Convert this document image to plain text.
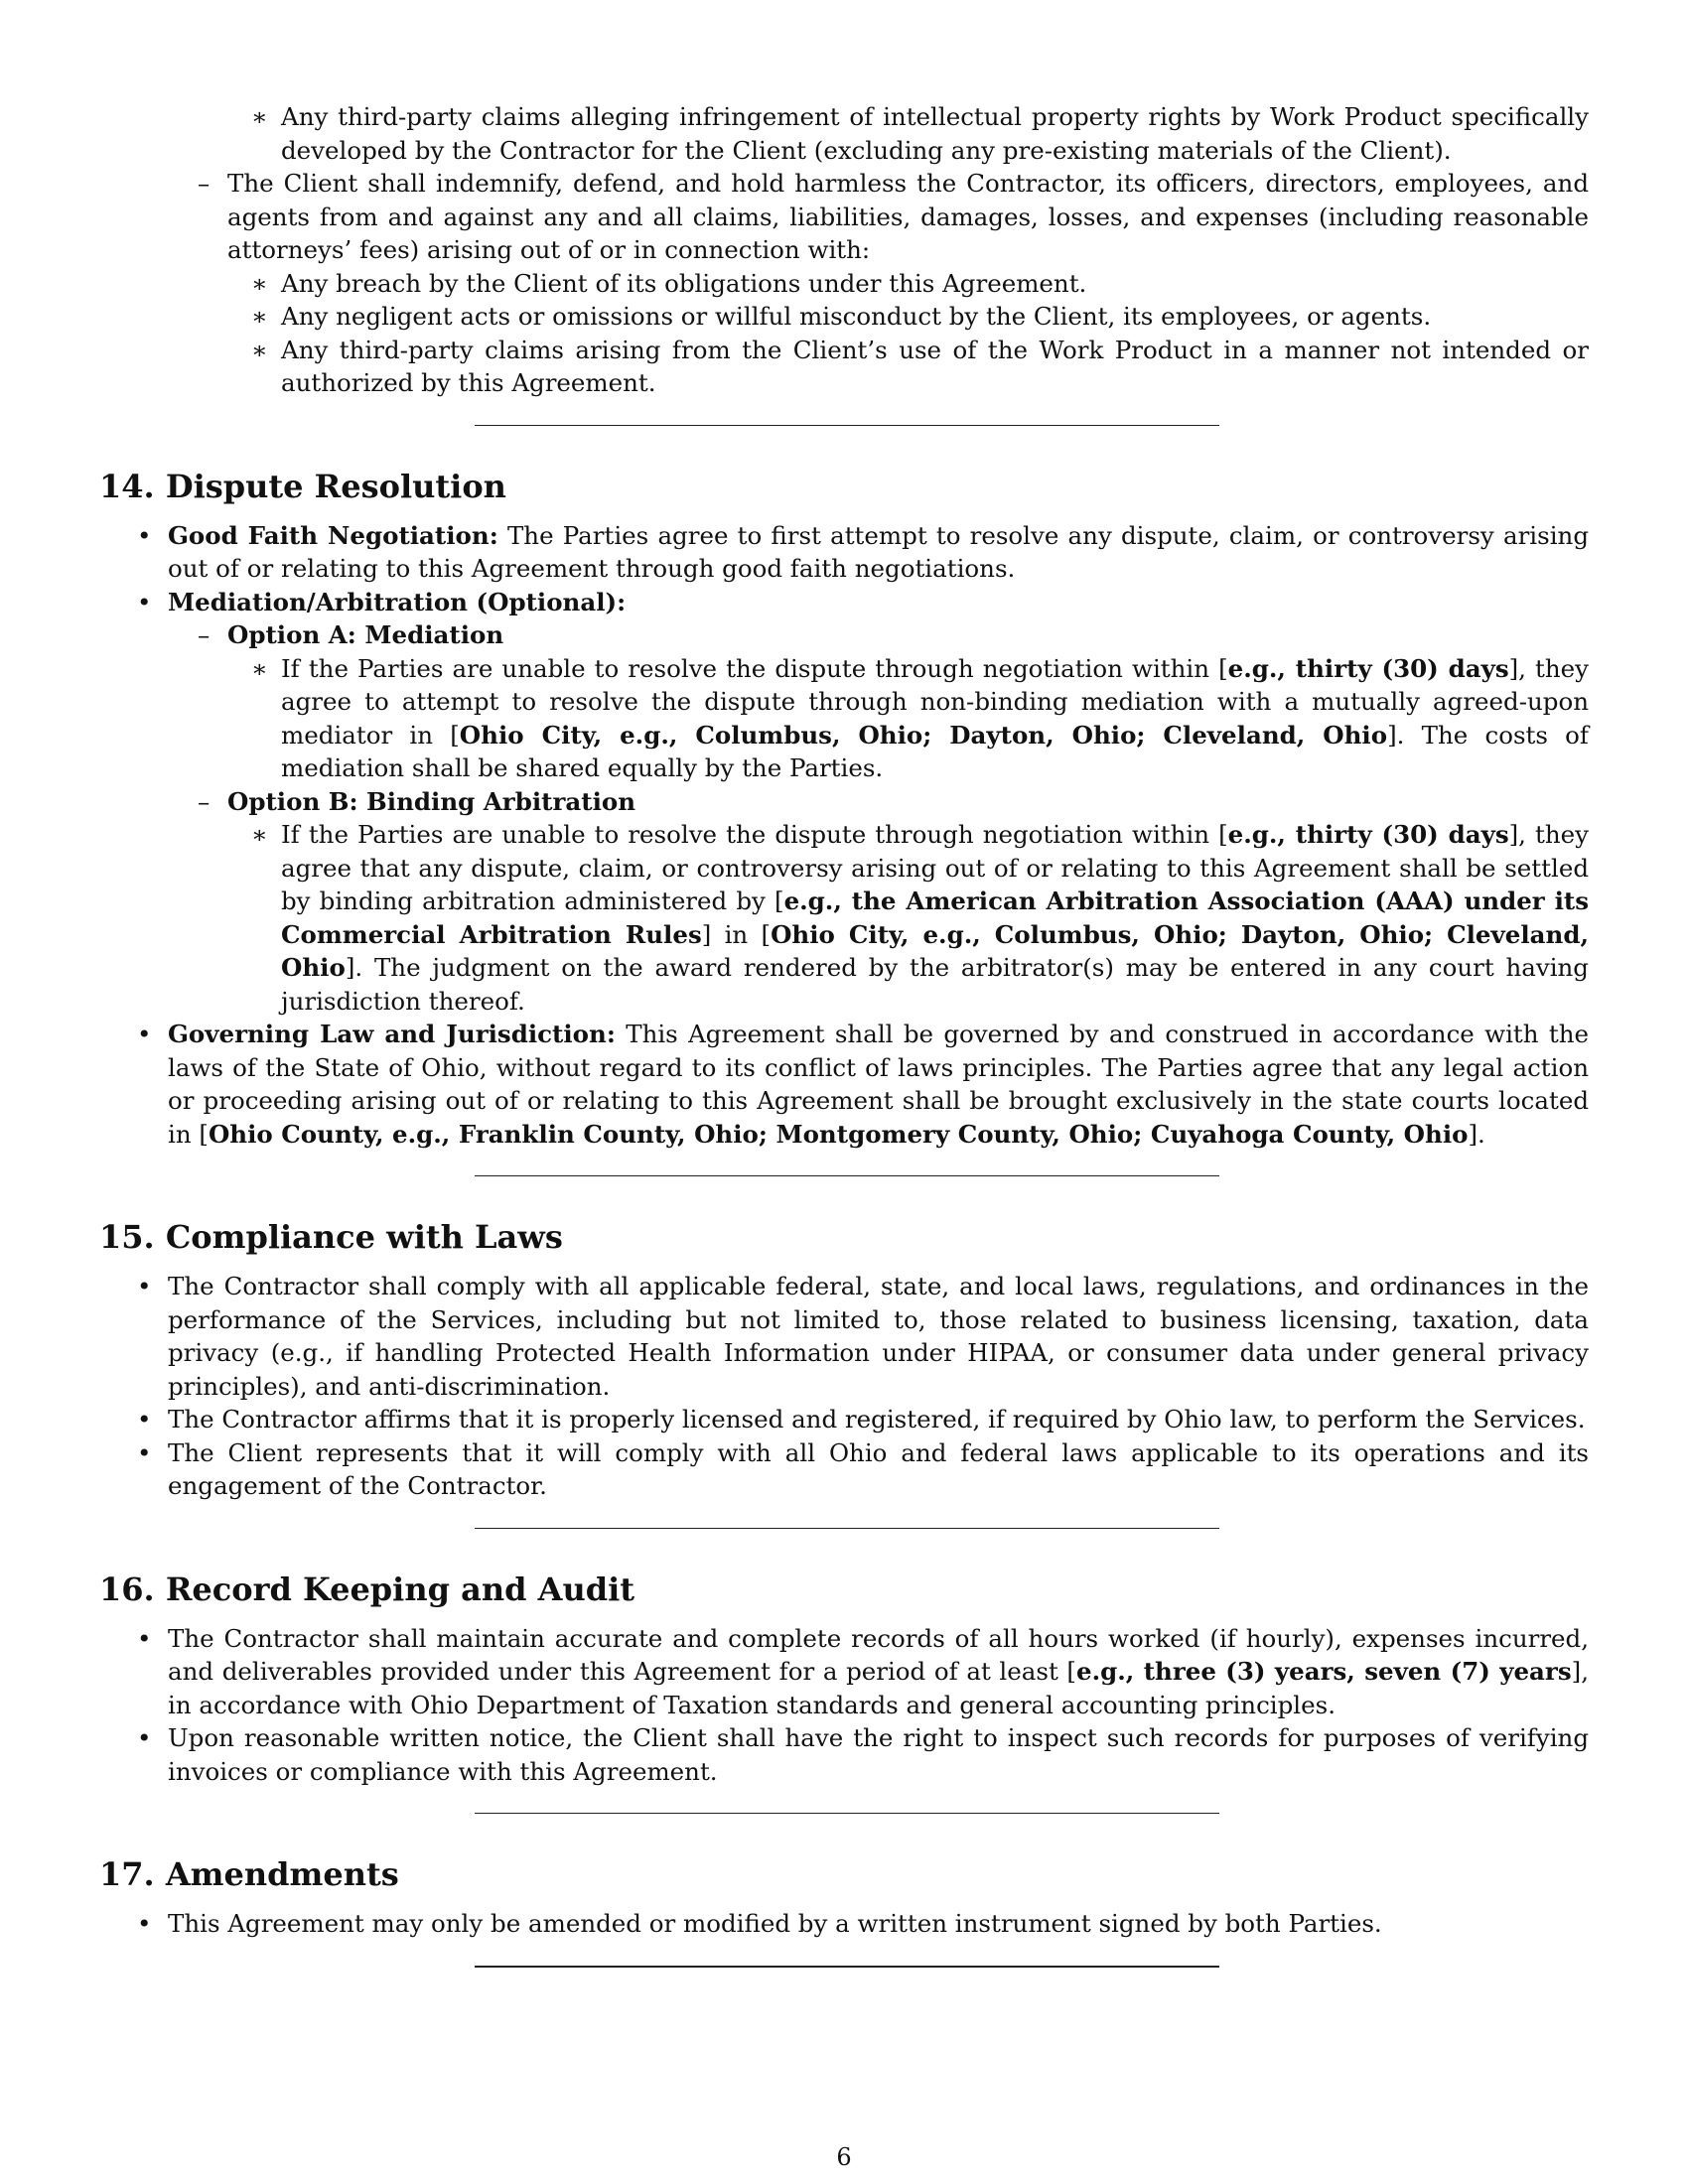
∗ Any third-party claims alleging infringement of intellectual property rights by Work Product specifically developed by the Contractor for the Client (excluding any pre-existing materials of the Client).

– The Client shall indemnify, defend, and hold harmless the Contractor, its officers, directors, employees, and agents from and against any and all claims, liabilities, damages, losses, and expenses (including reasonable attorneys’ fees) arising out of or in connection with:

∗ Any breach by the Client of its obligations under this Agreement.

∗ Any negligent acts or omissions or willful misconduct by the Client, its employees, or agents.

∗ Any third-party claims arising from the Client’s use of the Work Product in a manner not intended or authorized by this Agreement.

14. Dispute Resolution

• Good Faith Negotiation: The Parties agree to first attempt to resolve any dispute, claim, or controversy arising out of or relating to this Agreement through good faith negotiations.

• Mediation/Arbitration (Optional):

– Option A: Mediation

∗ If the Parties are unable to resolve the dispute through negotiation within [e.g., thirty (30) days], they agree to attempt to resolve the dispute through non-binding mediation with a mutually agreed-upon mediator in [Ohio City, e.g., Columbus, Ohio; Dayton, Ohio; Cleveland, Ohio]. The costs of mediation shall be shared equally by the Parties.

– Option B: Binding Arbitration

∗ If the Parties are unable to resolve the dispute through negotiation within [e.g., thirty (30) days], they agree that any dispute, claim, or controversy arising out of or relating to this Agreement shall be settled by binding arbitration administered by [e.g., the American Arbitration Association (AAA) under its Commercial Arbitration Rules] in [Ohio City, e.g., Columbus, Ohio; Dayton, Ohio; Cleveland, Ohio]. The judgment on the award rendered by the arbitrator(s) may be entered in any court having jurisdiction thereof.

• Governing Law and Jurisdiction: This Agreement shall be governed by and construed in accordance with the laws of the State of Ohio, without regard to its conflict of laws principles. The Parties agree that any legal action or proceeding arising out of or relating to this Agreement shall be brought exclusively in the state courts located in [Ohio County, e.g., Franklin County, Ohio; Montgomery County, Ohio; Cuyahoga County, Ohio].

15. Compliance with Laws

• The Contractor shall comply with all applicable federal, state, and local laws, regulations, and ordinances in the performance of the Services, including but not limited to, those related to business licensing, taxation, data privacy (e.g., if handling Protected Health Information under HIPAA, or consumer data under general privacy principles), and anti-discrimination.

• The Contractor affirms that it is properly licensed and registered, if required by Ohio law, to perform the Services.

• The Client represents that it will comply with all Ohio and federal laws applicable to its operations and its engagement of the Contractor.

16. Record Keeping and Audit

• The Contractor shall maintain accurate and complete records of all hours worked (if hourly), expenses incurred, and deliverables provided under this Agreement for a period of at least [e.g., three (3) years, seven (7) years], in accordance with Ohio Department of Taxation standards and general accounting principles.

• Upon reasonable written notice, the Client shall have the right to inspect such records for purposes of verifying invoices or compliance with this Agreement.

17. Amendments

• This Agreement may only be amended or modified by a written instrument signed by both Parties.

6
